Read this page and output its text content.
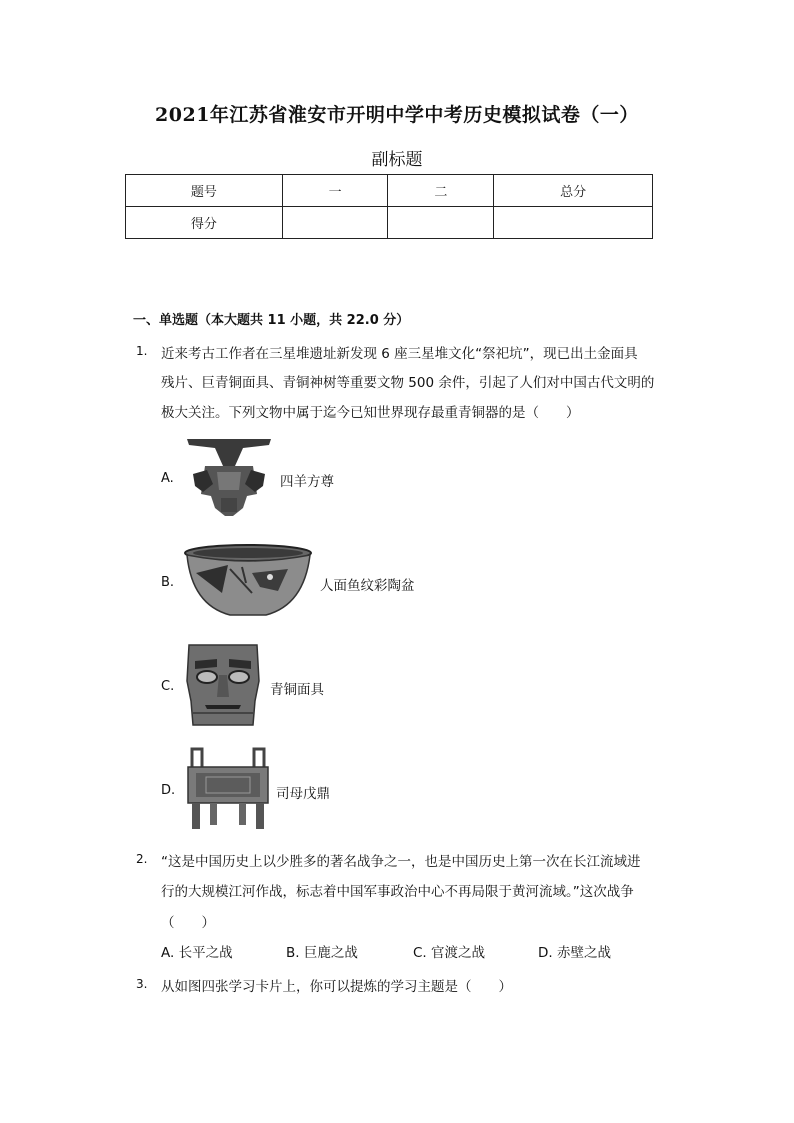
2021年江苏省淮安市开明中学中考历史模拟试卷（一）
副标题
题号	一	二	总分
得分			
一、单选题（本大题共 11 小题，共 22.0 分）
1. 近来考古工作者在三星堆遗址新发现 6 座三星堆文化“祭祀坑”，现已出土金面具
残片、巨青铜面具、青铜神树等重要文物 500 余件，引起了人们对中国古代文明的
极大关注。下列文物中属于迄今已知世界现存最重青铜器的是（　　）
A.	四羊方尊
B.	人面鱼纹彩陶盆
C.	青铜面具
D.	司母戊鼎
2. “这是中国历史上以少胜多的著名战争之一，也是中国历史上第一次在长江流域进
行的大规模江河作战，标志着中国军事政治中心不再局限于黄河流域。”这次战争
（　　）
A. 长平之战	B. 巨鹿之战	C. 官渡之战	D. 赤壁之战
3. 从如图四张学习卡片上，你可以提炼的学习主题是（　　）
